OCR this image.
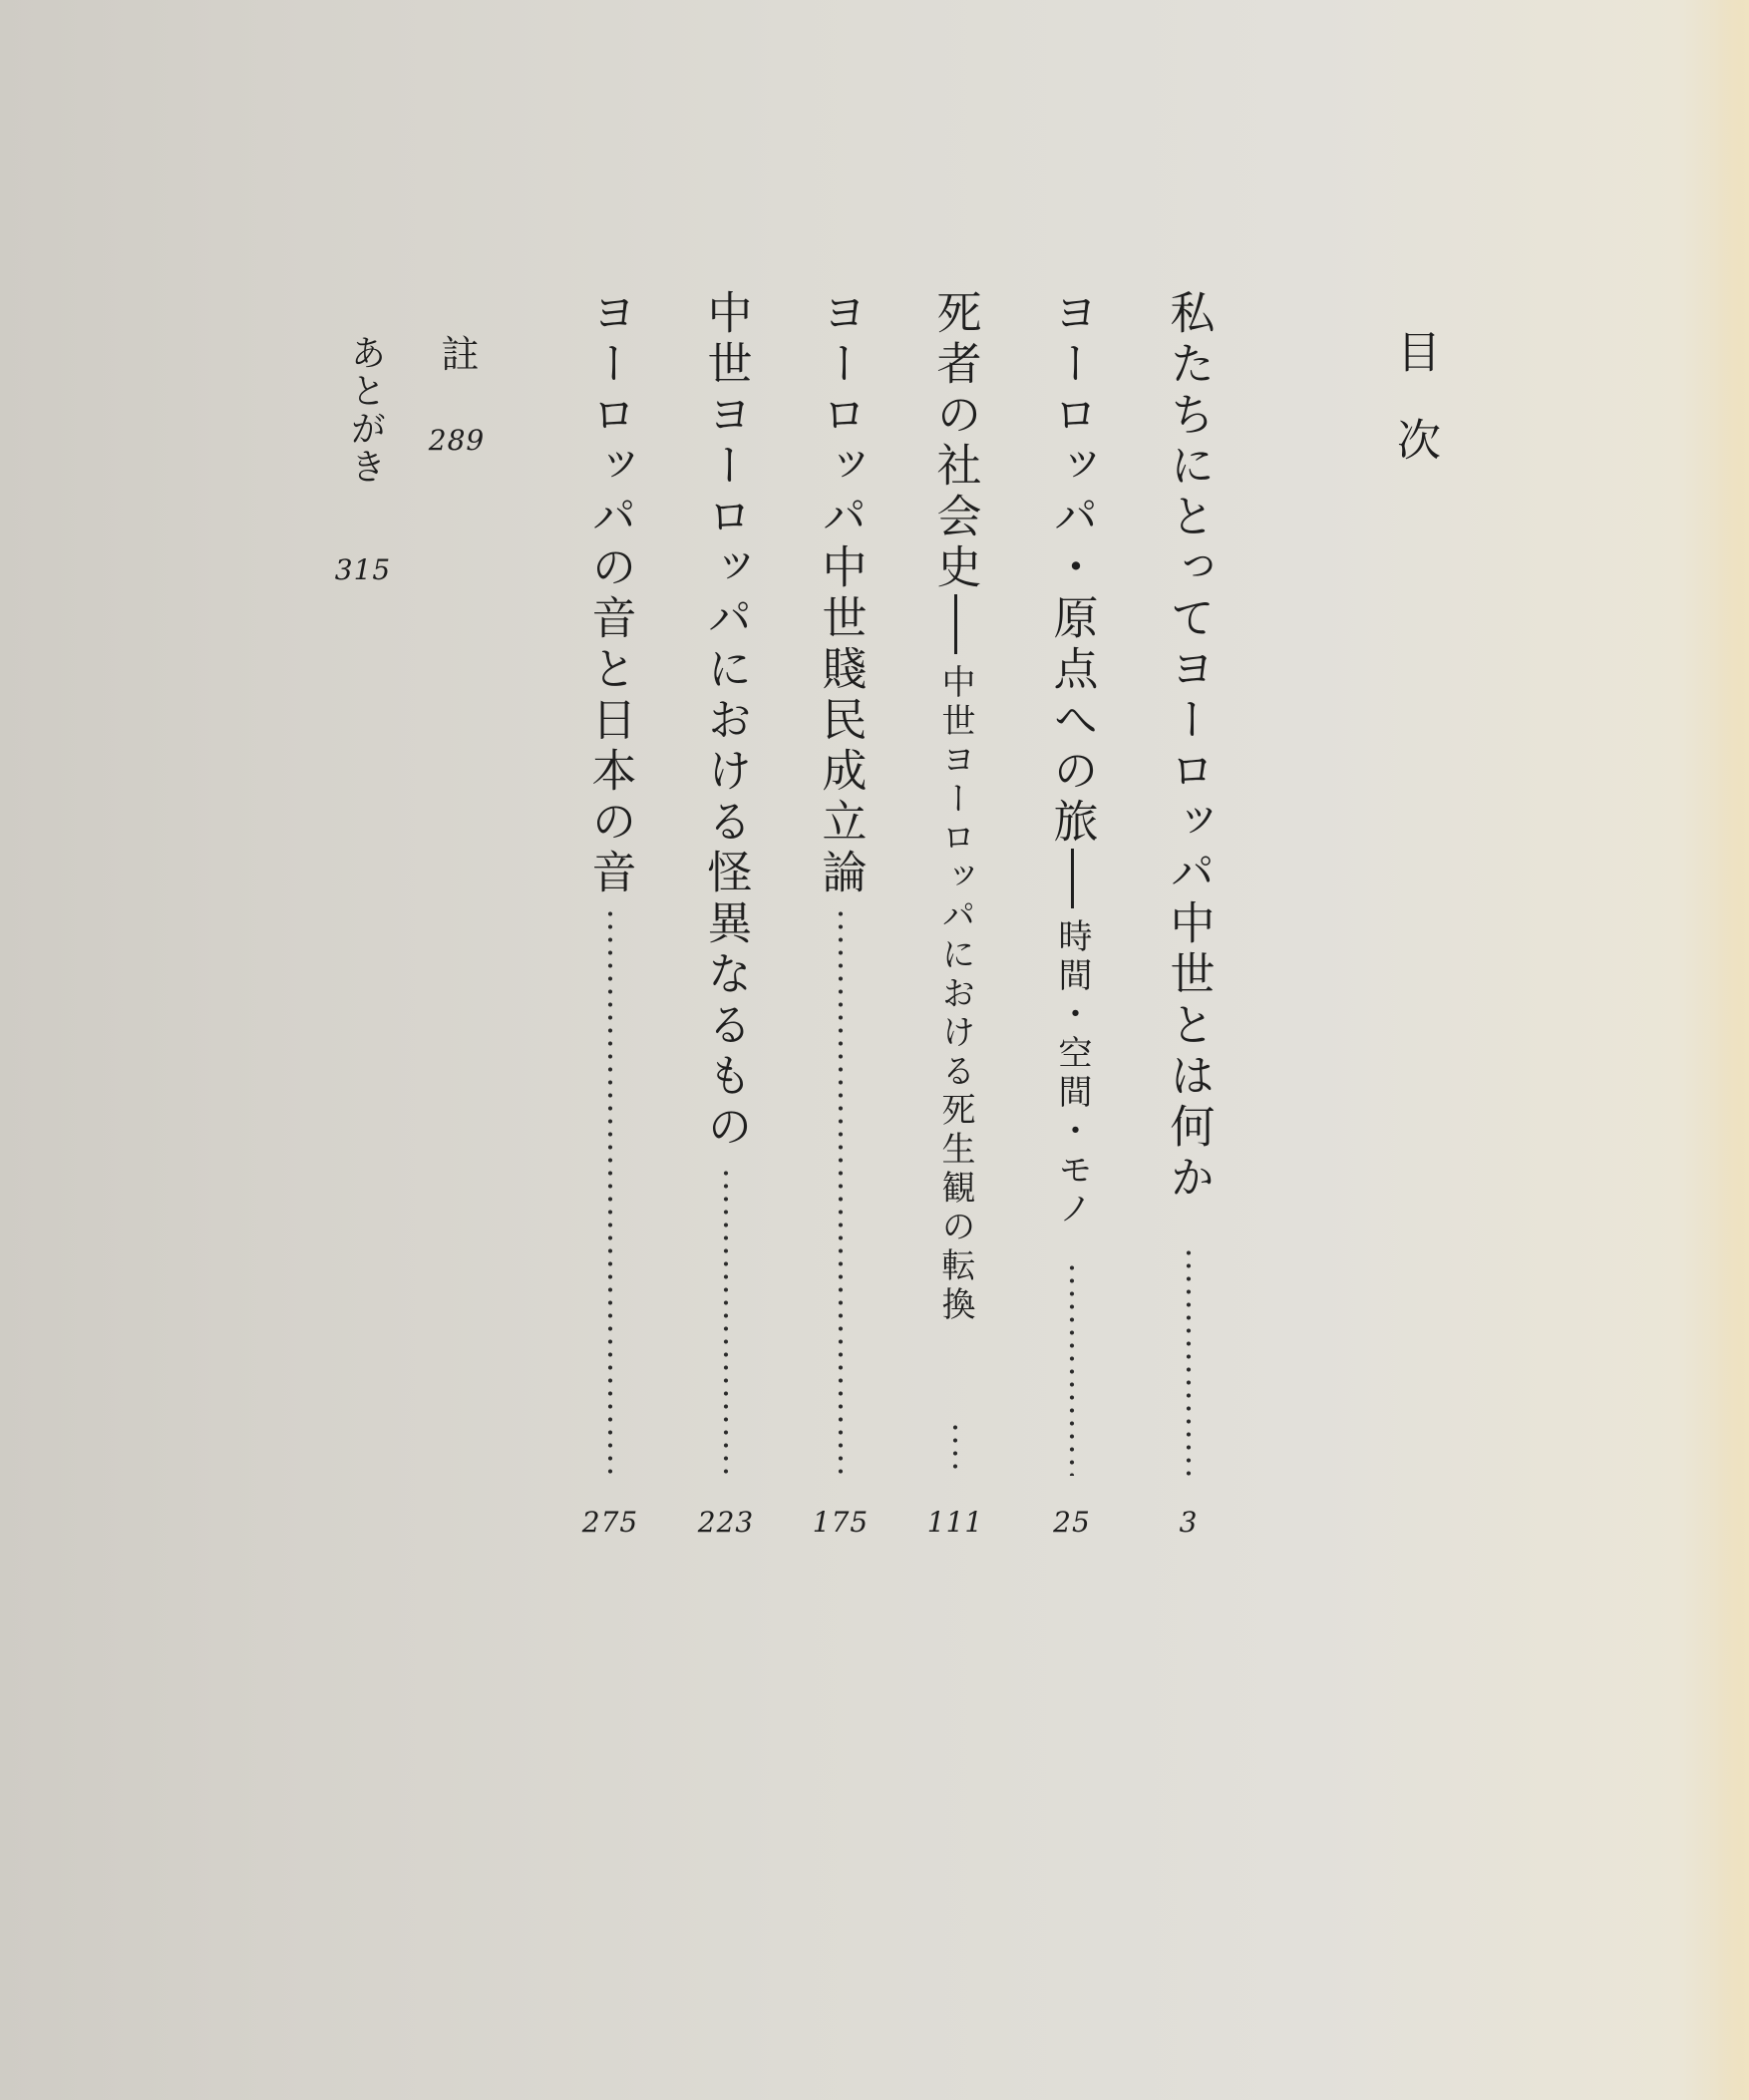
目次
私たちにとってヨーロッパ中世とは何か
3
ヨーロッパ・原点への旅
時間・空間・モノ
25
死者の社会史
中世ヨーロッパにおける死生観の転換
111
ヨーロッパ中世賤民成立論
175
中世ヨーロッパにおける怪異なるもの
223
ヨーロッパの音と日本の音
275
註
289
あとがき
315
